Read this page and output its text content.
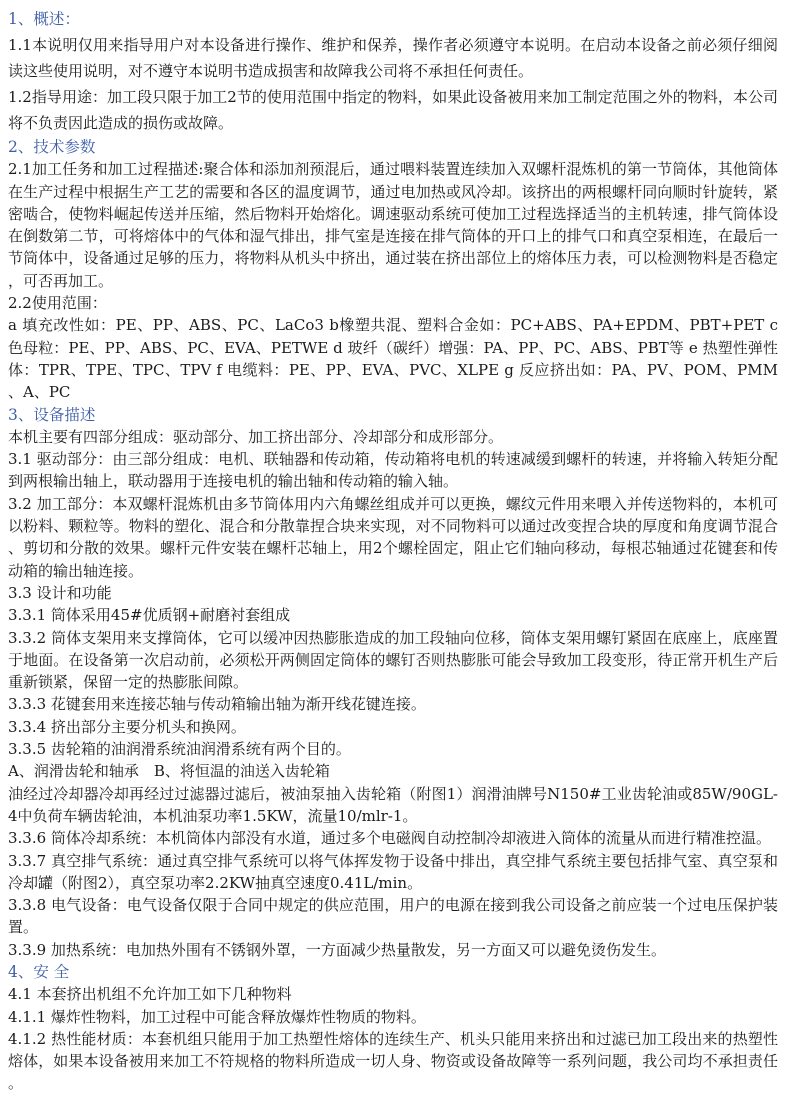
1、概述：

1.1本说明仅用来指导用户对本设备进行操作、维护和保养，操作者必须遵守本说明。在启动本设备之前必须仔细阅读这些使用说明，对不遵守本说明书造成损害和故障我公司将不承担任何责任。

1.2指导用途：加工段只限于加工2节的使用范围中指定的物料，如果此设备被用来加工制定范围之外的物料，本公司将不负责因此造成的损伤或故障。

2、技术参数

2.1加工任务和加工过程描述:聚合体和添加剂预混后，通过喂料装置连续加入双螺杆混炼机的第一节筒体，其他筒体在生产过程中根据生产工艺的需要和各区的温度调节，通过电加热或风冷却。该挤出的两根螺杆同向顺时针旋转，紧密啮合，使物料崛起传送并压缩，然后物料开始熔化。调速驱动系统可使加工过程选择适当的主机转速，排气筒体设在倒数第二节，可将熔体中的气体和湿气排出，排气室是连接在排气筒体的开口上的排气口和真空泵相连，在最后一节筒体中，设备通过足够的压力，将物料从机头中挤出，通过装在挤出部位上的熔体压力表，可以检测物料是否稳定，可否再加工。

2.2使用范围：

a 填充改性如：PE、PP、ABS、PC、LaCo3 b橡塑共混、塑料合金如：PC+ABS、PA+EPDM、PBT+PET c 色母粒：PE、PP、ABS、PC、EVA、PETWE d 玻纤（碳纤）增强：PA、PP、PC、ABS、PBT等 e 热塑性弹性体：TPR、TPE、TPC、TPV f 电缆料：PE、PP、EVA、PVC、XLPE g 反应挤出如：PA、PV、POM、PMM、A、PC

3、设备描述

本机主要有四部分组成：驱动部分、加工挤出部分、冷却部分和成形部分。

3.1 驱动部分：由三部分组成：电机、联轴器和传动箱，传动箱将电机的转速减缓到螺杆的转速，并将输入转矩分配到两根输出轴上，联动器用于连接电机的输出轴和传动箱的输入轴。

3.2 加工部分：本双螺杆混炼机由多节筒体用内六角螺丝组成并可以更换，螺纹元件用来喂入并传送物料的，本机可以粉料、颗粒等。物料的塑化、混合和分散靠捏合块来实现，对不同物料可以通过改变捏合块的厚度和角度调节混合、剪切和分散的效果。螺杆元件安装在螺杆芯轴上，用2个螺栓固定，阻止它们轴向移动，每根芯轴通过花键套和传动箱的输出轴连接。

3.3 设计和功能

3.3.1 筒体采用45#优质钢+耐磨衬套组成

3.3.2 筒体支架用来支撑筒体，它可以缓冲因热膨胀造成的加工段轴向位移，筒体支架用螺钉紧固在底座上，底座置于地面。在设备第一次启动前，必须松开两侧固定筒体的螺钉否则热膨胀可能会导致加工段变形，待正常开机生产后重新锁紧，保留一定的热膨胀间隙。

3.3.3 花键套用来连接芯轴与传动箱输出轴为渐开线花键连接。

3.3.4 挤出部分主要分机头和换网。

3.3.5 齿轮箱的油润滑系统油润滑系统有两个目的。

A、润滑齿轮和轴承　B、将恒温的油送入齿轮箱

油经过冷却器冷却再经过过滤器过滤后，被油泵抽入齿轮箱（附图1）润滑油牌号N150#工业齿轮油或85W/90GL-4中负荷车辆齿轮油，本机油泵功率1.5KW，流量10/mlr-1。

3.3.6 筒体冷却系统：本机筒体内部没有水道，通过多个电磁阀自动控制冷却液进入筒体的流量从而进行精准控温。

3.3.7 真空排气系统：通过真空排气系统可以将气体挥发物于设备中排出，真空排气系统主要包括排气室、真空泵和冷却罐（附图2），真空泵功率2.2KW抽真空速度0.41L/min。

3.3.8 电气设备：电气设备仅限于合同中规定的供应范围，用户的电源在接到我公司设备之前应装一个过电压保护装置。

3.3.9 加热系统：电加热外围有不锈钢外罩，一方面减少热量散发，另一方面又可以避免烫伤发生。

4、安 全

4.1 本套挤出机组不允许加工如下几种物料

4.1.1 爆炸性物料，加工过程中可能含释放爆炸性物质的物料。

4.1.2 热性能材质：本套机组只能用于加工热塑性熔体的连续生产、机头只能用来挤出和过滤已加工段出来的热塑性熔体，如果本设备被用来加工不符规格的物料所造成一切人身、物资或设备故障等一系列问题，我公司均不承担责任。
